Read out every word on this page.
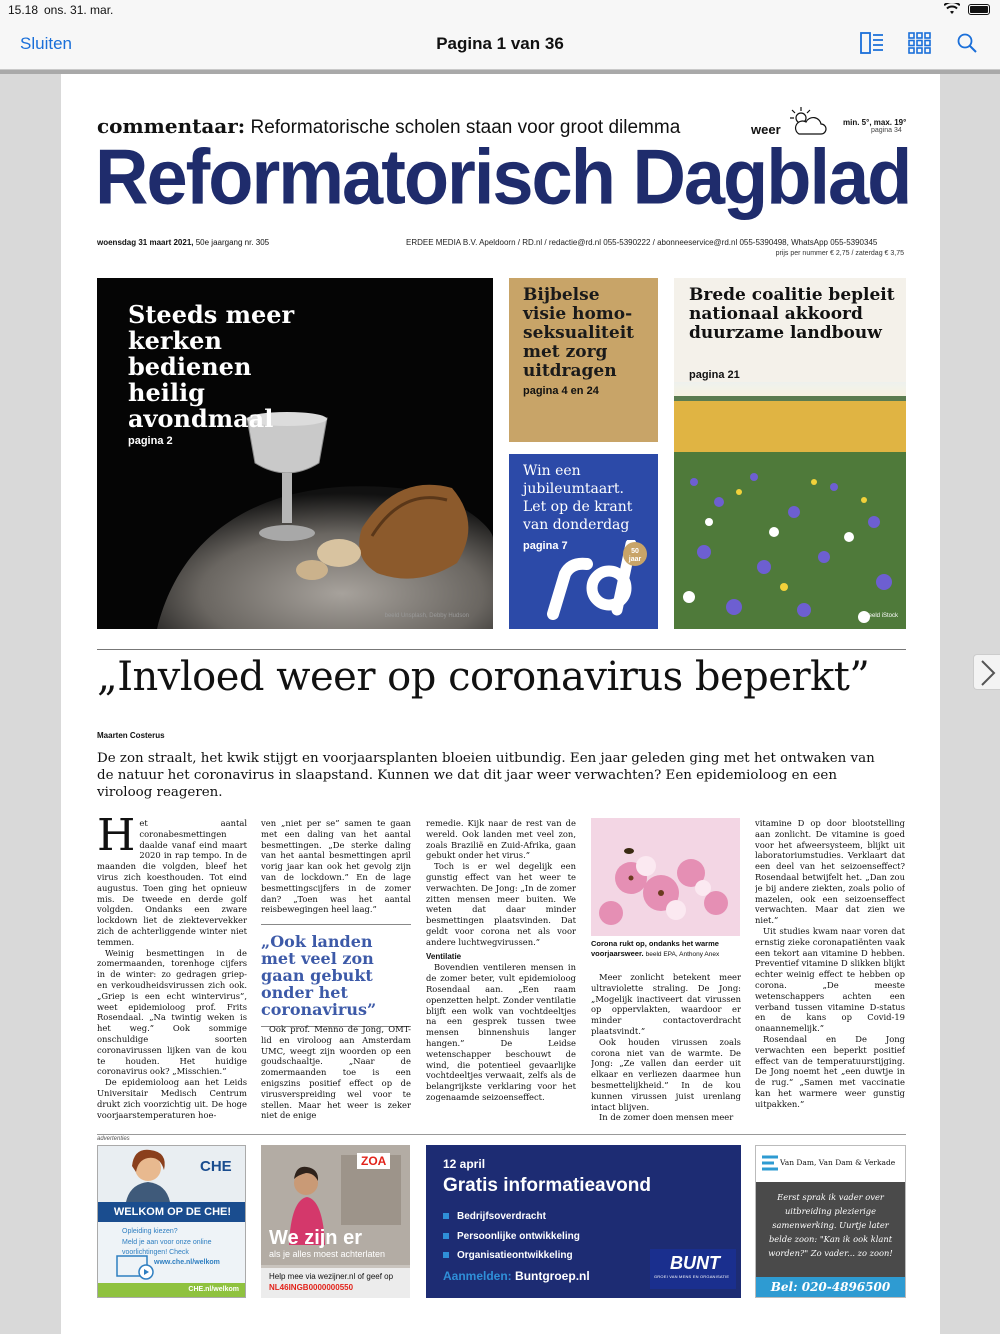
15.18 ons. 31. mar.
Sluiten	Pagina 1 van 36
commentaar: Reformatorische scholen staan voor groot dilemma	weer	min. 5°, max. 19°
pagina 34
Reformatorisch Dagblad
woensdag 31 maart 2021, 50e jaargang nr. 305	ERDEE MEDIA B.V. Apeldoorn / RD.nl / redactie@rd.nl 055-5390222 / abonneeservice@rd.nl 055-5390498, WhatsApp 055-5390345
prijs per nummer € 2,75 / zaterdag € 3,75
Steeds meer kerken bedienen heilig avondmaal
pagina 2
beeld Unsplash, Debby Hudson
Bijbelse visie homo-seksualiteit met zorg uitdragen
pagina 4 en 24
Win een jubileumtaart. Let op de krant van donderdag
pagina 7	50 jaar
Brede coalitie bepleit nationaal akkoord duurzame landbouw
pagina 21
beeld iStock
„Invloed weer op coronavirus beperkt”
Maarten Costerus
De zon straalt, het kwik stijgt en voorjaarsplanten bloeien uitbundig. Een jaar geleden ging met het ontwaken van de natuur het coronavirus in slaapstand. Kunnen we dat dit jaar weer verwachten? Een epidemioloog en een viroloog reageren.
H et aantal coronabesmettingen daalde vanaf eind maart 2020 in rap tempo. In de maanden die volgden, bleef het virus zich koesthouden. Tot eind augustus. Toen ging het opnieuw mis. De tweede en derde golf volgden. Ondanks een zware lockdown liet de ziektevervekker zich de achterliggende winter niet temmen.

Weinig besmettingen in de zomermaanden, torenhoge cijfers in de winter: zo gedragen griep- en verkoudheidsvirussen zich ook. „Griep is een echt wintervirus”, weet epidemioloog prof. Frits Rosendaal. „Na twintig weken is het weg.” Ook sommige onschuldige soorten coronavirussen lijken van de kou te houden. Het huidige coronavirus ook? „Misschien.”

De epidemioloog aan het Leids Universitair Medisch Centrum drukt zich voorzichtig uit. De hoge voorjaarstemperaturen hoe-

ven „niet per se” samen te gaan met een daling van het aantal besmettingen. „De sterke daling van het aantal besmettingen april vorig jaar kan ook het gevolg zijn van de lockdown.” En de lage besmettingscijfers in de zomer dan? „Toen was het aantal reisbewegingen heel laag.”

„Ook landen met veel zon gaan gebukt onder het coronavirus”

Ook prof. Menno de Jong, OMT-lid en viroloog aan Amsterdam UMC, weegt zijn woorden op een goudschaaltje. „Naar de zomermaanden toe is een enigszins positief effect op de virusverspreiding wel voor te stellen. Maar het weer is zeker niet de enige

remedie. Kijk naar de rest van de wereld. Ook landen met veel zon, zoals Brazilië en Zuid-Afrika, gaan gebukt onder het virus.”

Toch is er wel degelijk een gunstig effect van het weer te verwachten. De Jong: „In de zomer zitten mensen meer buiten. We weten dat daar minder besmettingen plaatsvinden. Dat geldt voor corona net als voor andere luchtwegvirussen.”

Ventilatie

Bovendien ventileren mensen in de zomer beter, vult epidemioloog Rosendaal aan. „Een raam openzetten helpt. Zonder ventilatie blijft een wolk van vochtdeeltjes na een gesprek tussen twee mensen binnenshuis langer hangen.” De Leidse wetenschapper beschouwt de wind, die potentieel gevaarlijke vochtdeeltjes verwaait, zelfs als de belangrijkste verklaring voor het zogenaamde seizoenseffect.

Corona rukt op, ondanks het warme voorjaarsweer. beeld EPA, Anthony Anex

Meer zonlicht betekent meer ultraviolette straling. De Jong: „Mogelijk inactiveert dat virussen op oppervlakten, waardoor er minder contactoverdracht plaatsvindt.”

Ook houden virussen zoals corona niet van de warmte. De Jong: „Ze vallen dan eerder uit elkaar en verliezen daarmee hun besmettelijkheid.” In de kou kunnen virussen juist urenlang intact blijven.

In de zomer doen mensen meer

vitamine D op door blootstelling aan zonlicht. De vitamine is goed voor het afweersysteem, blijkt uit laboratoriumstudies. Verklaart dat een deel van het seizoenseffect? Rosendaal betwijfelt het. „Dan zou je bij andere ziekten, zoals polio of mazelen, ook een seizoenseffect verwachten. Maar dat zien we niet.”

Uit studies kwam naar voren dat ernstig zieke coronapatiënten vaak een tekort aan vitamine D hebben. Preventief vitamine D slikken blijkt echter weinig effect te hebben op corona. „De meeste wetenschappers achten een verband tussen vitamine D-status en de kans op Covid-19 onaannemelijk.”

Rosendaal en De Jong verwachten een beperkt positief effect van de temperatuurstijging. De Jong noemt het „een duwtje in de rug.” „Samen met vaccinatie kan het warmere weer gunstig uitpakken.”

advertenties
CHE
WELKOM OP DE CHE!
Opleiding kiezen?
Meld je aan voor onze online voorlichtingen! Check
www.che.nl/welkom
CHE.nl/welkom
ZOA
We zijn er
als je alles moest achterlaten
Help mee via wezijner.nl of geef op NL46INGB0000000550
12 april
Gratis informatieavond
Bedrijfsoverdracht
Persoonlijke ontwikkeling
Organisatieontwikkeling
Aanmelden: Buntgroep.nl
BUNT
GROEI VAN MENS EN ORGANISATIE
Van Dam, Van Dam & Verkade
Eerst sprak ik vader over uitbreiding plezierige samenwerking. Uurtje later belde zoon: "Kan ik ook klant worden?" Zo vader... zo zoon!
Bel: 020-4896500
